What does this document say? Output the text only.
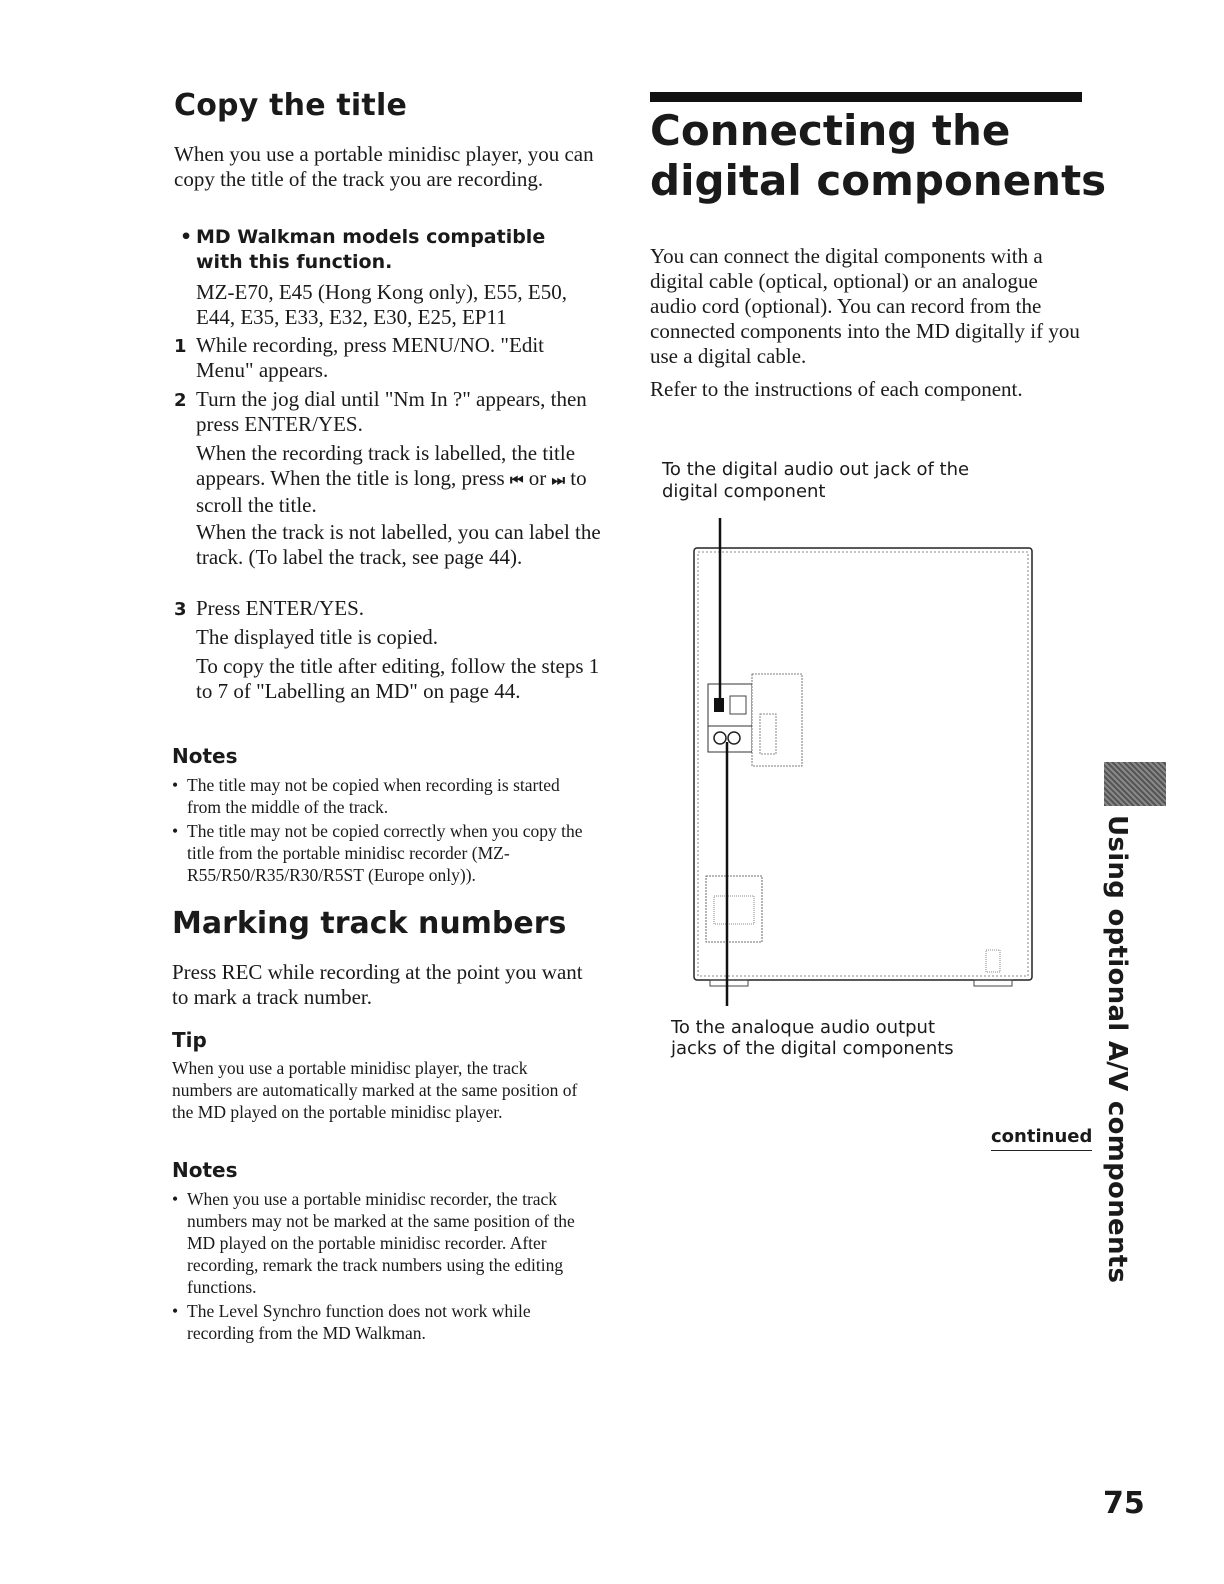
Copy the title
When you use a portable minidisc player, you can copy the title of the track you are recording.
• MD Walkman models compatible with this function.
MZ-E70, E45 (Hong Kong only), E55, E50, E44, E35, E33, E32, E30, E25, EP11
1 While recording, press MENU/NO. "Edit Menu" appears.
2 Turn the jog dial until "Nm In ?" appears, then press ENTER/YES.
When the recording track is labelled, the title appears. When the title is long, press ⏮ or ⏭ to scroll the title.
When the track is not labelled, you can label the track. (To label the track, see page 44).
3 Press ENTER/YES.
The displayed title is copied.
To copy the title after editing, follow the steps 1 to 7 of "Labelling an MD" on page 44.
Notes
• The title may not be copied when recording is started from the middle of the track.
• The title may not be copied correctly when you copy the title from the portable minidisc recorder (MZ-R55/R50/R35/R30/R5ST (Europe only)).
Marking track numbers
Press REC while recording at the point you want to mark a track number.
Tip
When you use a portable minidisc player, the track numbers are automatically marked at the same position of the MD played on the portable minidisc player.
Notes
• When you use a portable minidisc recorder, the track numbers may not be marked at the same position of the MD played on the portable minidisc recorder. After recording, remark the track numbers using the editing functions.
• The Level Synchro function does not work while recording from the MD Walkman.
Connecting the
digital components

You can connect the digital components with a digital cable (optical, optional) or an analogue audio cord (optional). You can record from the connected components into the MD digitally if you use a digital cable.

Refer to the instructions of each component.

To the digital audio out jack of the digital component
To the analoque audio output jacks of the digital components
continued Using optional A/V components
75
